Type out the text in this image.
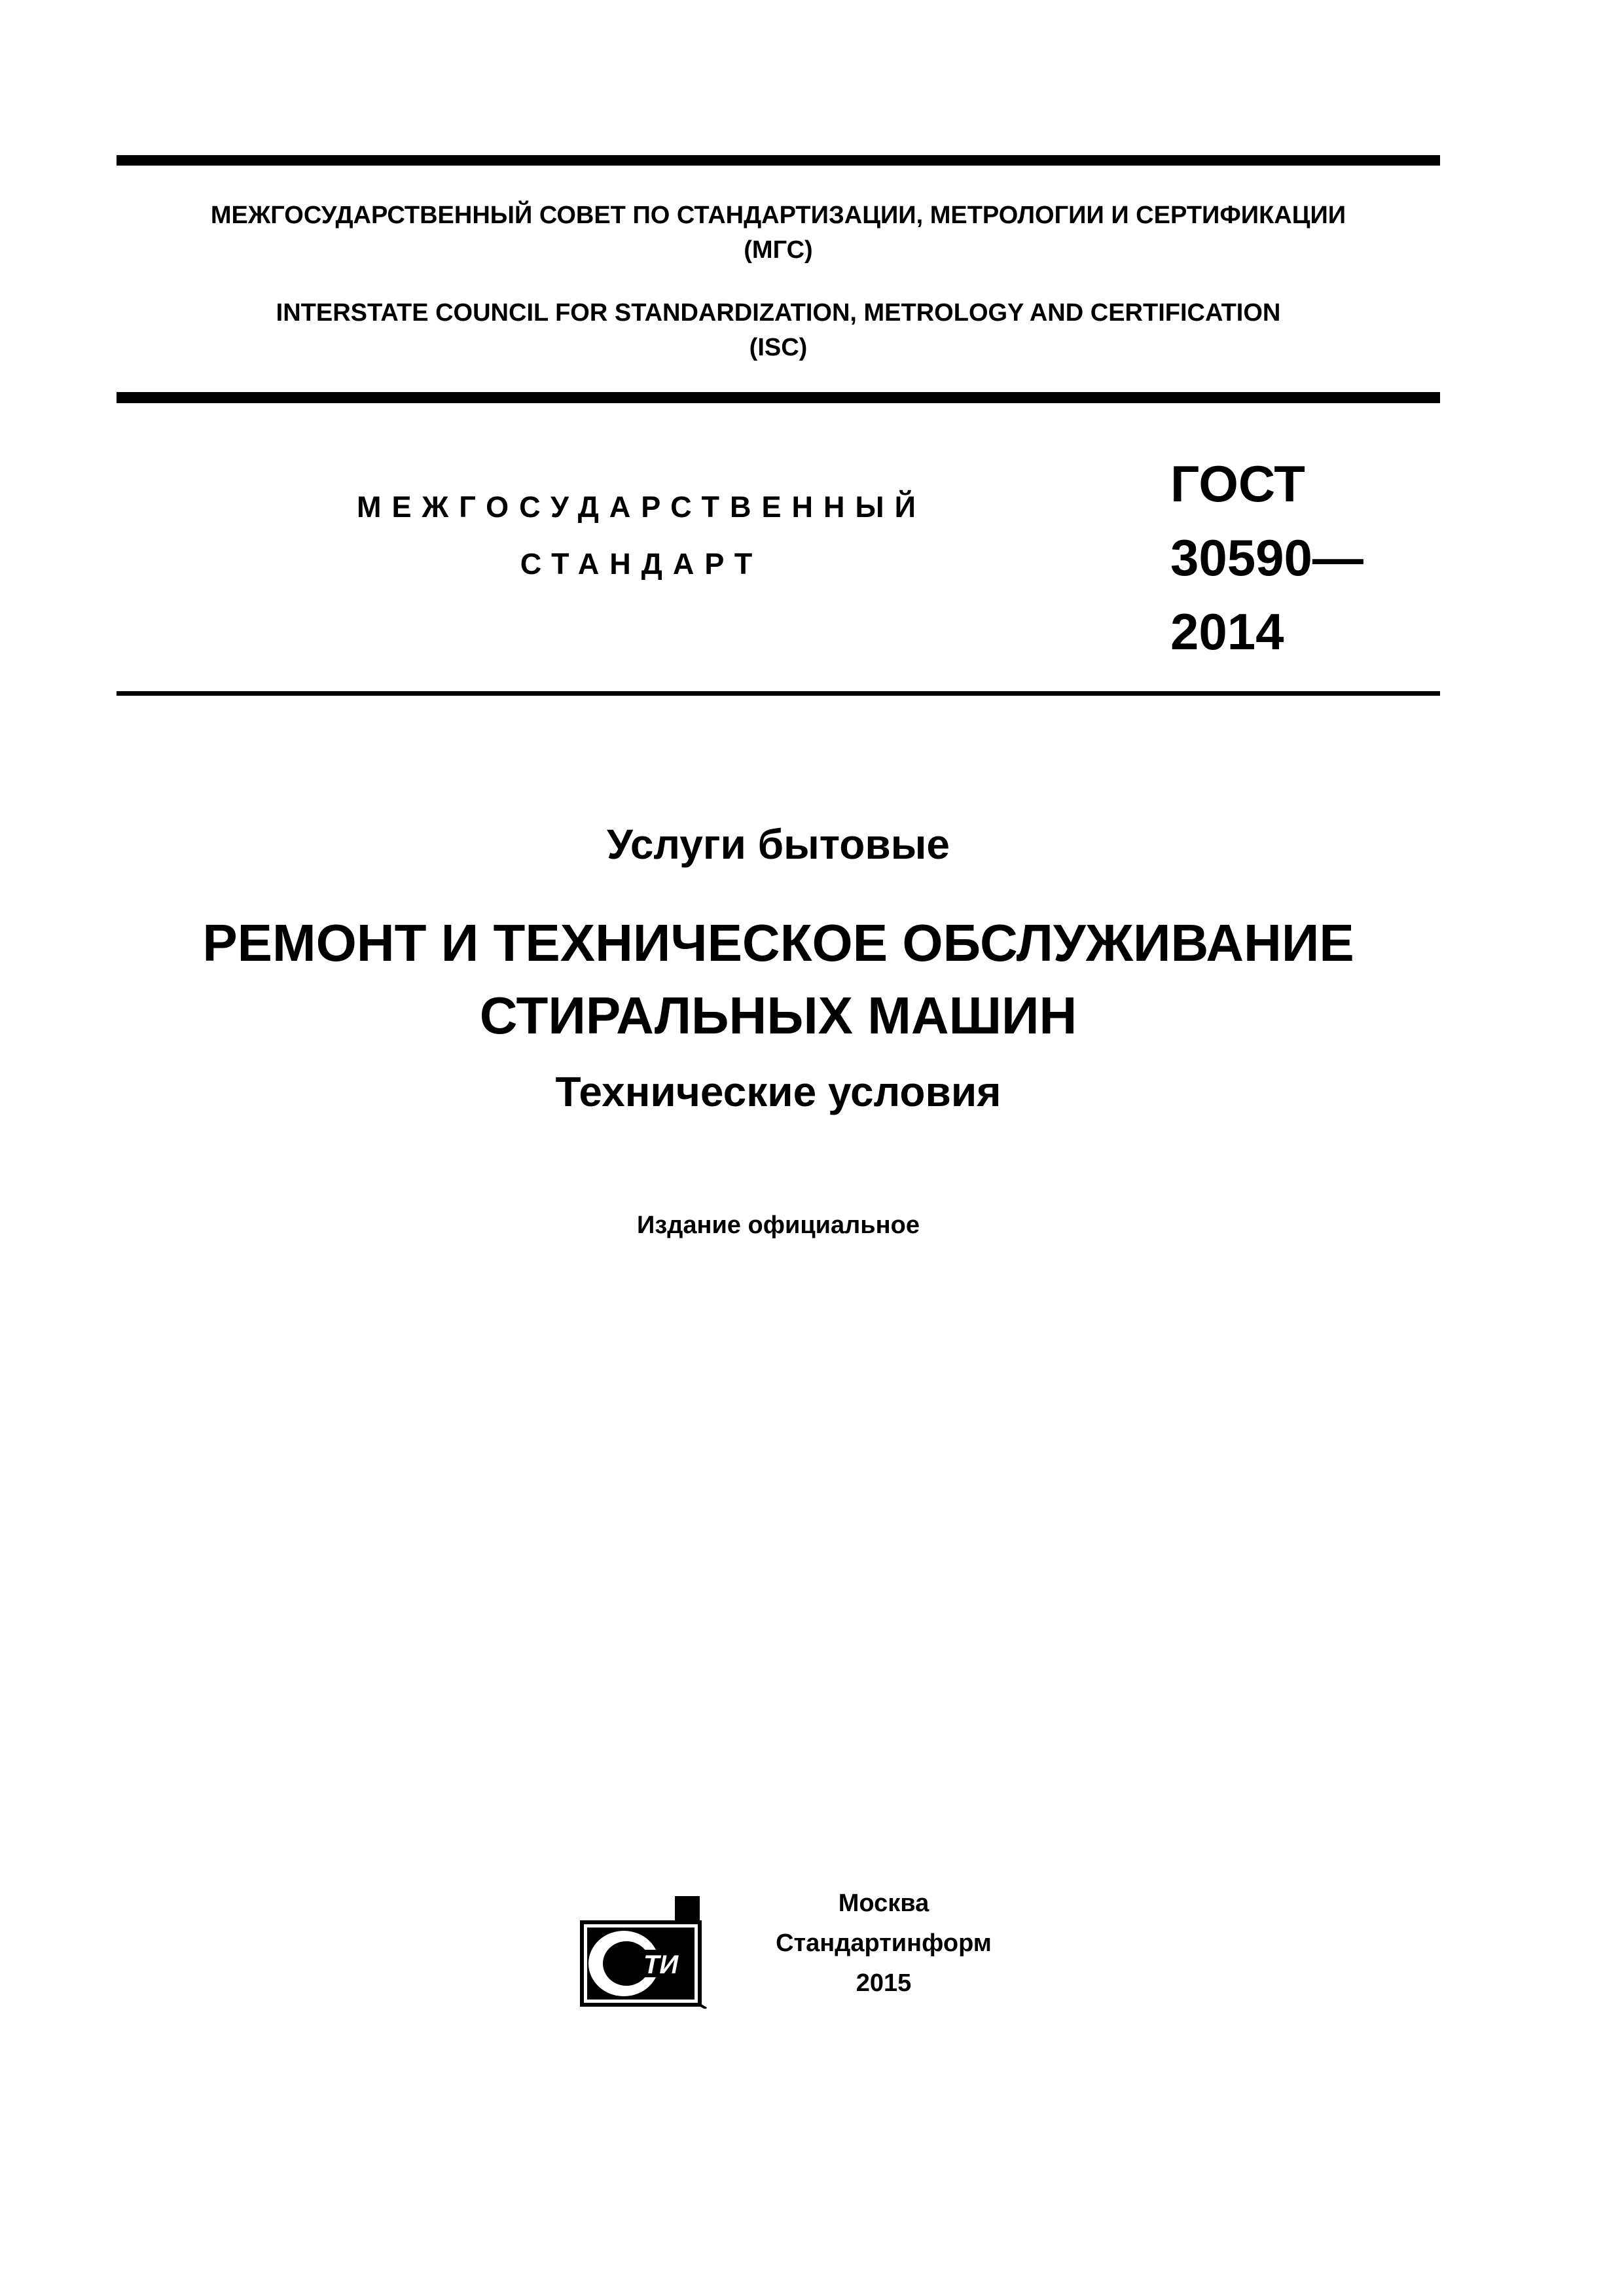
МЕЖГОСУДАРСТВЕННЫЙ СОВЕТ ПО СТАНДАРТИЗАЦИИ, МЕТРОЛОГИИ И СЕРТИФИКАЦИИ
(МГС)
INTERSTATE COUNCIL FOR STANDARDIZATION, METROLOGY AND CERTIFICATION
(ISC)
МЕЖГОСУДАРСТВЕННЫЙ
СТАНДАРТ
ГОСТ
30590—
2014
Услуги бытовые
РЕМОНТ И ТЕХНИЧЕСКОЕ ОБСЛУЖИВАНИЕ
СТИРАЛЬНЫХ МАШИН
Технические условия
Издание официальное
ТИ
Москва
Стандартинформ
2015
